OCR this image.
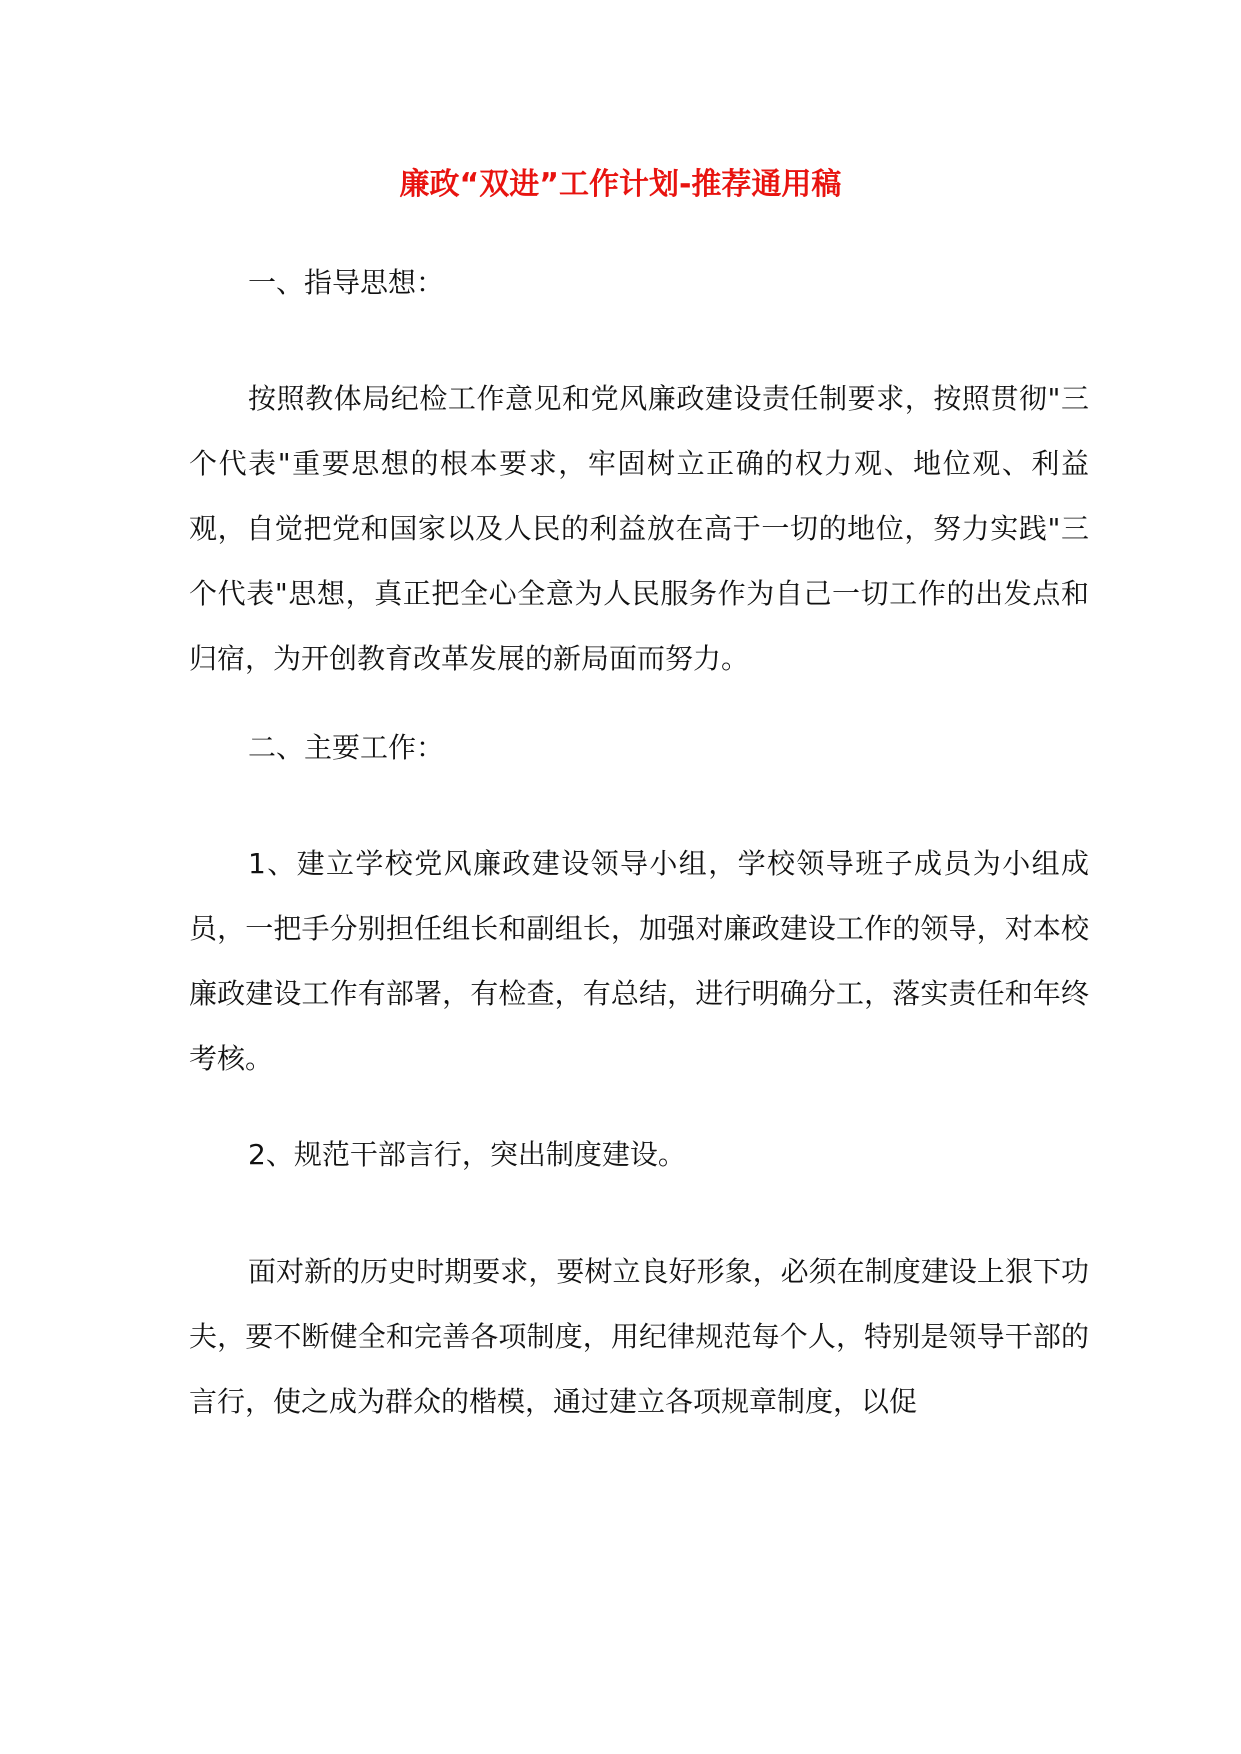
廉政“双进”工作计划-推荐通用稿

一、指导思想：

按照教体局纪检工作意见和党风廉政建设责任制要求，按照贯彻"三个代表"重要思想的根本要求，牢固树立正确的权力观、地位观、利益观，自觉把党和国家以及人民的利益放在高于一切的地位，努力实践"三个代表"思想，真正把全心全意为人民服务作为自己一切工作的出发点和归宿，为开创教育改革发展的新局面而努力。

二、主要工作：

1、建立学校党风廉政建设领导小组，学校领导班子成员为小组成员，一把手分别担任组长和副组长，加强对廉政建设工作的领导，对本校廉政建设工作有部署，有检查，有总结，进行明确分工，落实责任和年终考核。

2、规范干部言行，突出制度建设。

面对新的历史时期要求，要树立良好形象，必须在制度建设上狠下功夫，要不断健全和完善各项制度，用纪律规范每个人，特别是领导干部的言行，使之成为群众的楷模，通过建立各项规章制度，以促
